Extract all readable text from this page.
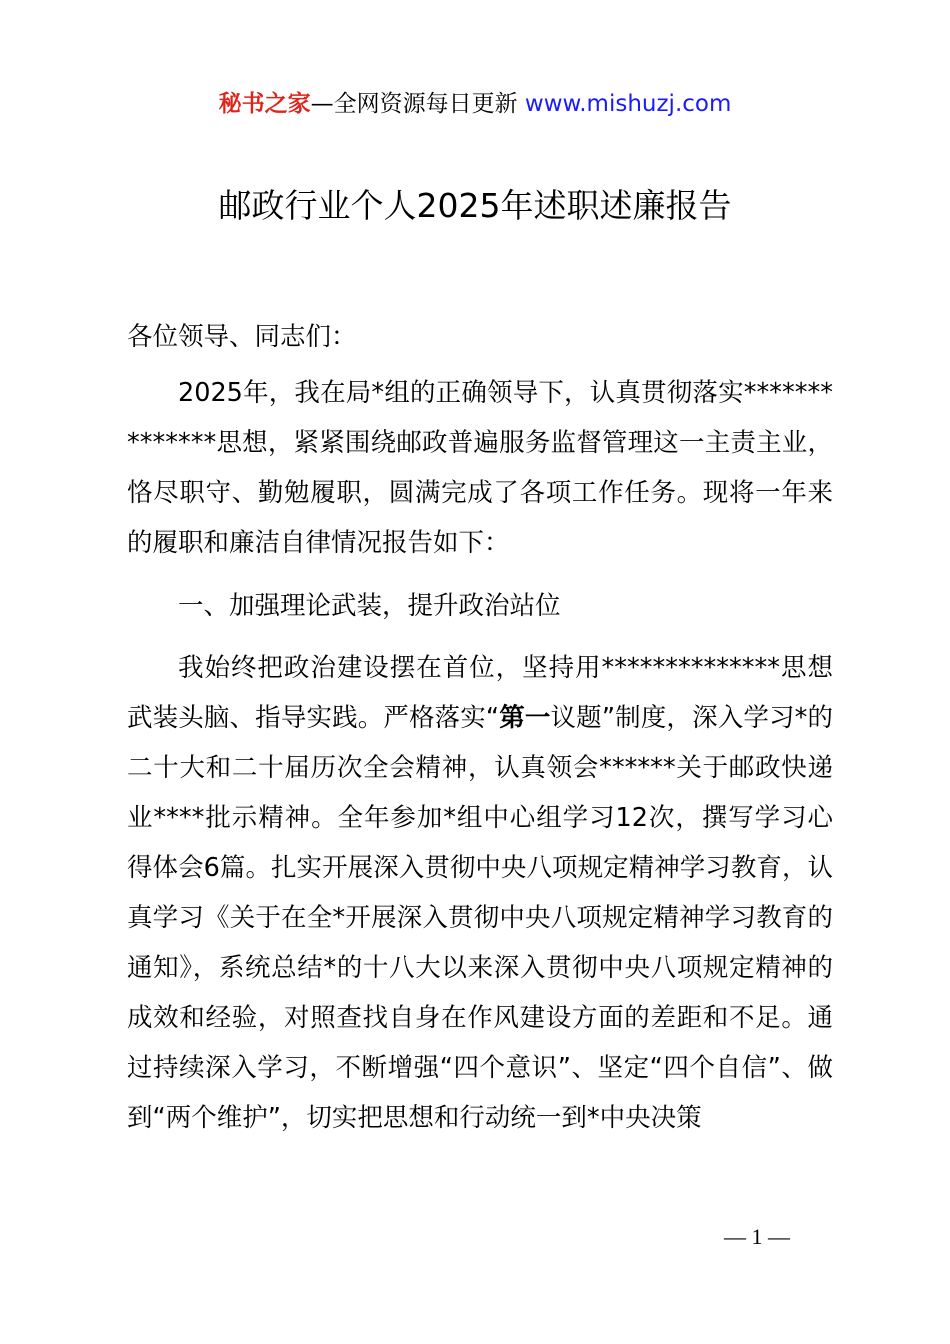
秘书之家—全网资源每日更新 www.mishuzj.com
邮政行业个人2025年述职述廉报告

各位领导、同志们：

2025年，我在局*组的正确领导下，认真贯彻落实**************思想，紧紧围绕邮政普遍服务监督管理这一主责主业，恪尽职守、勤勉履职，圆满完成了各项工作任务。现将一年来的履职和廉洁自律情况报告如下：

一、加强理论武装，提升政治站位

我始终把政治建设摆在首位，坚持用**************思想武装头脑、指导实践。严格落实“第一议题”制度，深入学习*的二十大和二十届历次全会精神，认真领会******关于邮政快递业****批示精神。全年参加*组中心组学习12次，撰写学习心得体会6篇。扎实开展深入贯彻中央八项规定精神学习教育，认真学习《关于在全*开展深入贯彻中央八项规定精神学习教育的通知》，系统总结*的十八大以来深入贯彻中央八项规定精神的成效和经验，对照查找自身在作风建设方面的差距和不足。通过持续深入学习，不断增强“四个意识”、坚定“四个自信”、做到“两个维护”，切实把思想和行动统一到*中央决策

— 1 —
